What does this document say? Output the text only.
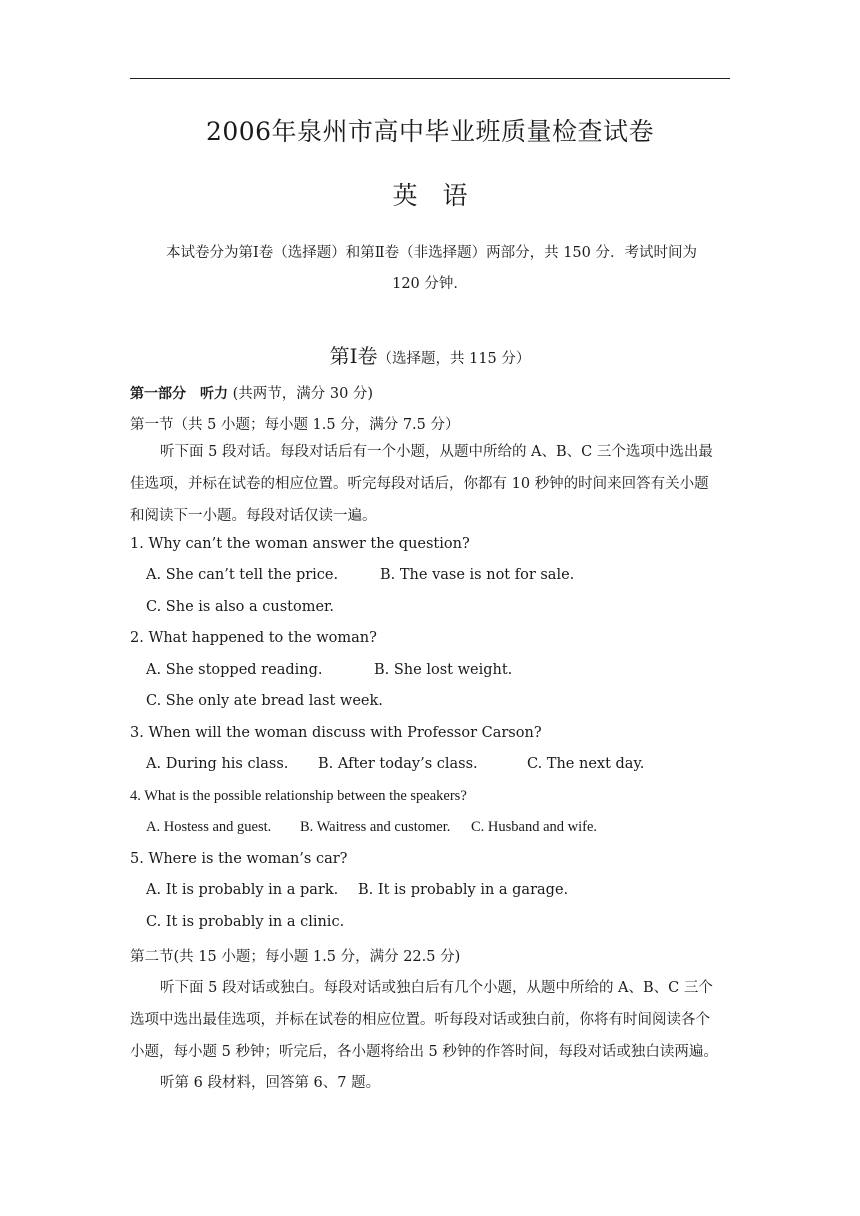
2006年泉州市高中毕业班质量检查试卷
英　语
本试卷分为第Ⅰ卷（选择题）和第Ⅱ卷（非选择题）两部分，共 150 分．考试时间为
120 分钟．
第Ⅰ卷（选择题，共 115 分）
第一部分　听力 (共两节，满分 30 分)
第一节（共 5 小题；每小题 1.5 分，满分 7.5 分）
听下面 5 段对话。每段对话后有一个小题，从题中所给的 A、B、C 三个选项中选出最
佳选项，并标在试卷的相应位置。听完每段对话后，你都有 10 秒钟的时间来回答有关小题
和阅读下一小题。每段对话仅读一遍。
1. Why can’t the woman answer the question?
A. She can’t tell the price.	B. The vase is not for sale.
C. She is also a customer.
2. What happened to the woman?
A. She stopped reading.	B. She lost weight.
C. She only ate bread last week.
3. When will the woman discuss with Professor Carson?
A. During his class. B. After today’s class.	C. The next day.
4. What is the possible relationship between the speakers?
A. Hostess and guest. B. Waitress and customer. C. Husband and wife.
5. Where is the woman’s car?
A. It is probably in a park. B. It is probably in a garage.
C. It is probably in a clinic.
第二节(共 15 小题；每小题 1.5 分，满分 22.5 分)
听下面 5 段对话或独白。每段对话或独白后有几个小题，从题中所给的 A、B、C 三个
选项中选出最佳选项，并标在试卷的相应位置。听每段对话或独白前，你将有时间阅读各个
小题，每小题 5 秒钟；听完后，各小题将给出 5 秒钟的作答时间，每段对话或独白读两遍。
听第 6 段材料，回答第 6、7 题。
